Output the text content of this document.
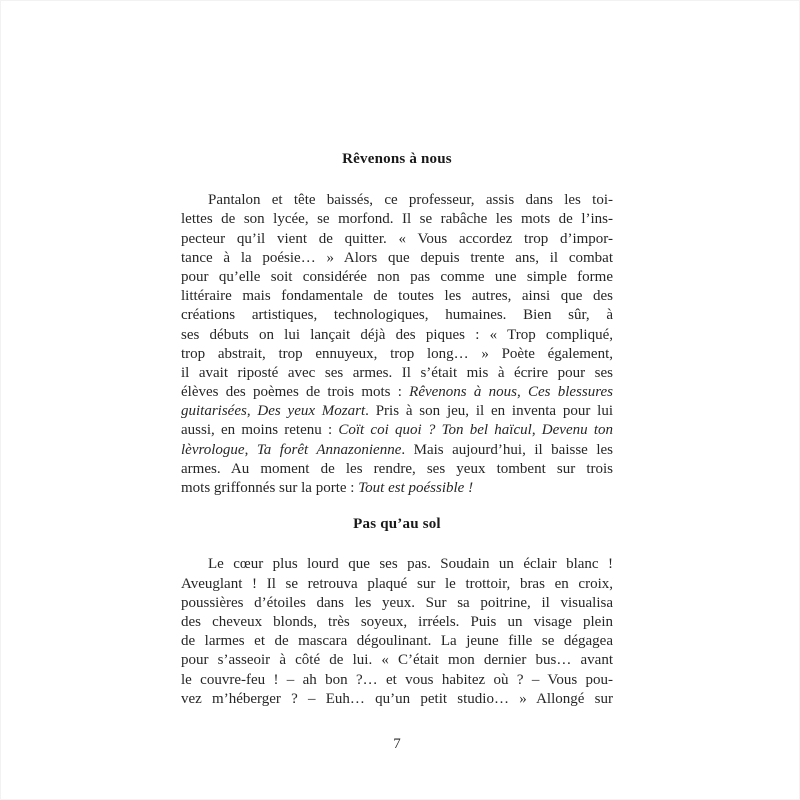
Rêvenons à nous
Pantalon et tête baissés, ce professeur, assis dans les toi-
lettes de son lycée, se morfond. Il se rabâche les mots de l’ins-
pecteur qu’il vient de quitter. « Vous accordez trop d’impor-
tance à la poésie… » Alors que depuis trente ans, il combat
pour qu’elle soit considérée non pas comme une simple forme
littéraire mais fondamentale de toutes les autres, ainsi que des
créations artistiques, technologiques, humaines. Bien sûr, à
ses débuts on lui lançait déjà des piques : « Trop compliqué,
trop abstrait, trop ennuyeux, trop long… » Poète également,
il avait riposté avec ses armes. Il s’était mis à écrire pour ses
élèves des poèmes de trois mots : Rêvenons à nous, Ces blessures
guitarisées, Des yeux Mozart. Pris à son jeu, il en inventa pour lui
aussi, en moins retenu : Coït coi quoi ? Ton bel haïcul, Devenu ton
lèvrologue, Ta forêt Annazonienne. Mais aujourd’hui, il baisse les
armes. Au moment de les rendre, ses yeux tombent sur trois
mots griffonnés sur la porte : Tout est poéssible !
Pas qu’au sol
Le cœur plus lourd que ses pas. Soudain un éclair blanc !
Aveuglant ! Il se retrouva plaqué sur le trottoir, bras en croix,
poussières d’étoiles dans les yeux. Sur sa poitrine, il visualisa
des cheveux blonds, très soyeux, irréels. Puis un visage plein
de larmes et de mascara dégoulinant. La jeune fille se dégagea
pour s’asseoir à côté de lui. « C’était mon dernier bus… avant
le couvre-feu ! – ah bon ?… et vous habitez où ? – Vous pou-
vez m’héberger ? – Euh… qu’un petit studio… » Allongé sur
7
